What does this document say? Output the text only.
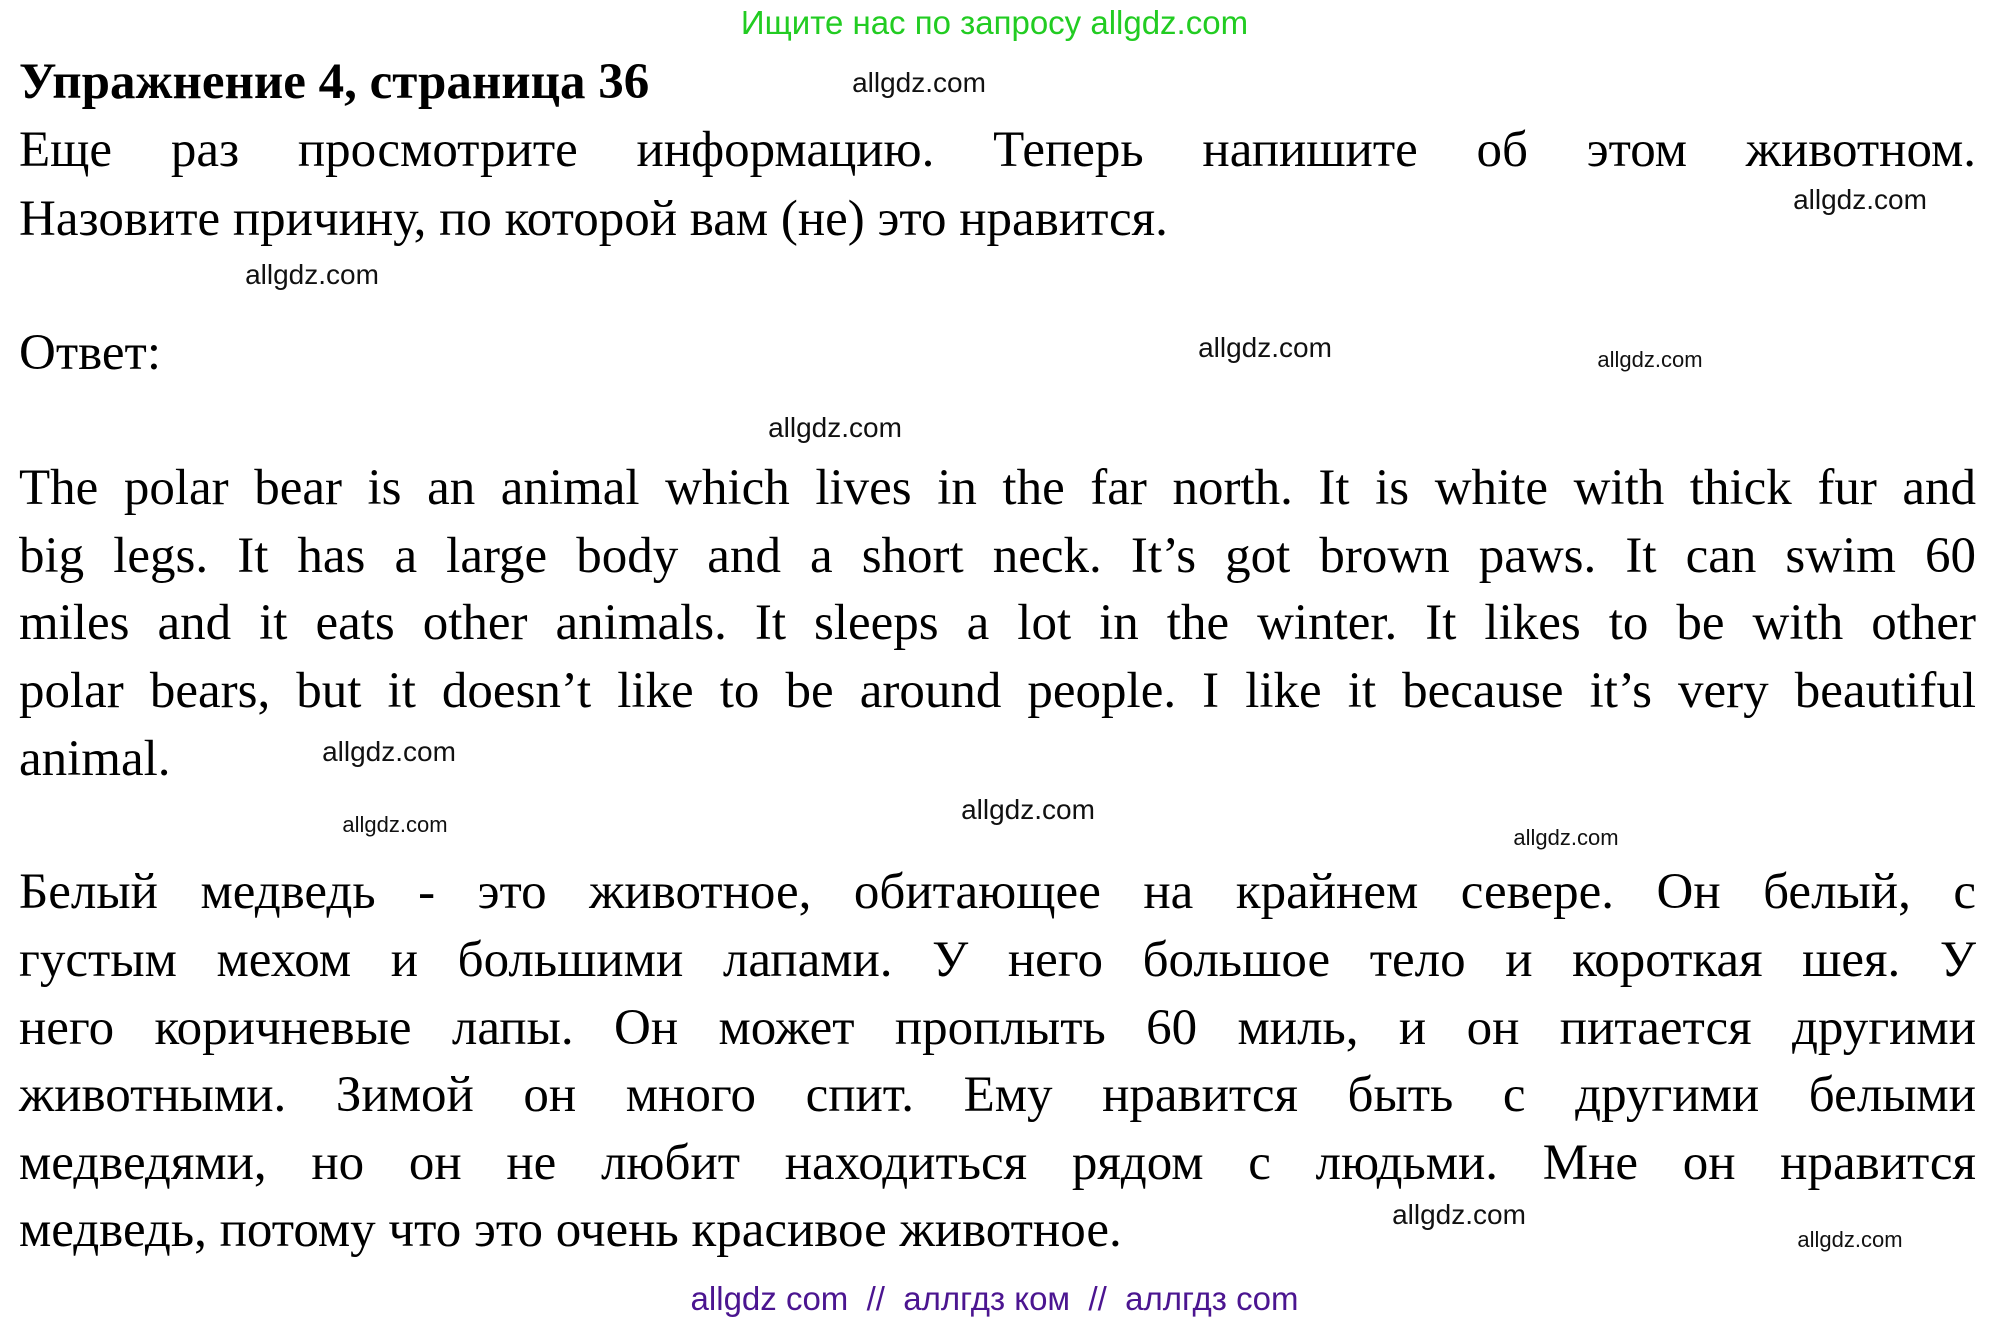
Ищите нас по запросу allgdz.com
Упражнение 4, страница 36
Еще раз просмотрите информацию. Теперь напишите об этом животном.
Назовите причину, по которой вам (не) это нравится.
Ответ:
The polar bear is an animal which lives in the far north. It is white with thick fur and
big legs. It has a large body and a short neck. It’s got brown paws. It can swim 60
miles and it eats other animals. It sleeps a lot in the winter. It likes to be with other
polar bears, but it doesn’t like to be around people. I like it because it’s very beautiful
animal.
Белый медведь - это животное, обитающее на крайнем севере. Он белый, с
густым мехом и большими лапами. У него большое тело и короткая шея. У
него коричневые лапы. Он может проплыть 60 миль, и он питается другими
животными. Зимой он много спит. Ему нравится быть с другими белыми
медведями, но он не любит находиться рядом с людьми. Мне он нравится
медведь, потому что это очень красивое животное.
allgdz.com
allgdz.com
allgdz.com
allgdz.com
allgdz.com
allgdz.com
allgdz.com
allgdz.com
allgdz.com
allgdz.com
allgdz.com
allgdz.com
allgdz com  //  аллгдз ком  //  аллгдз com
